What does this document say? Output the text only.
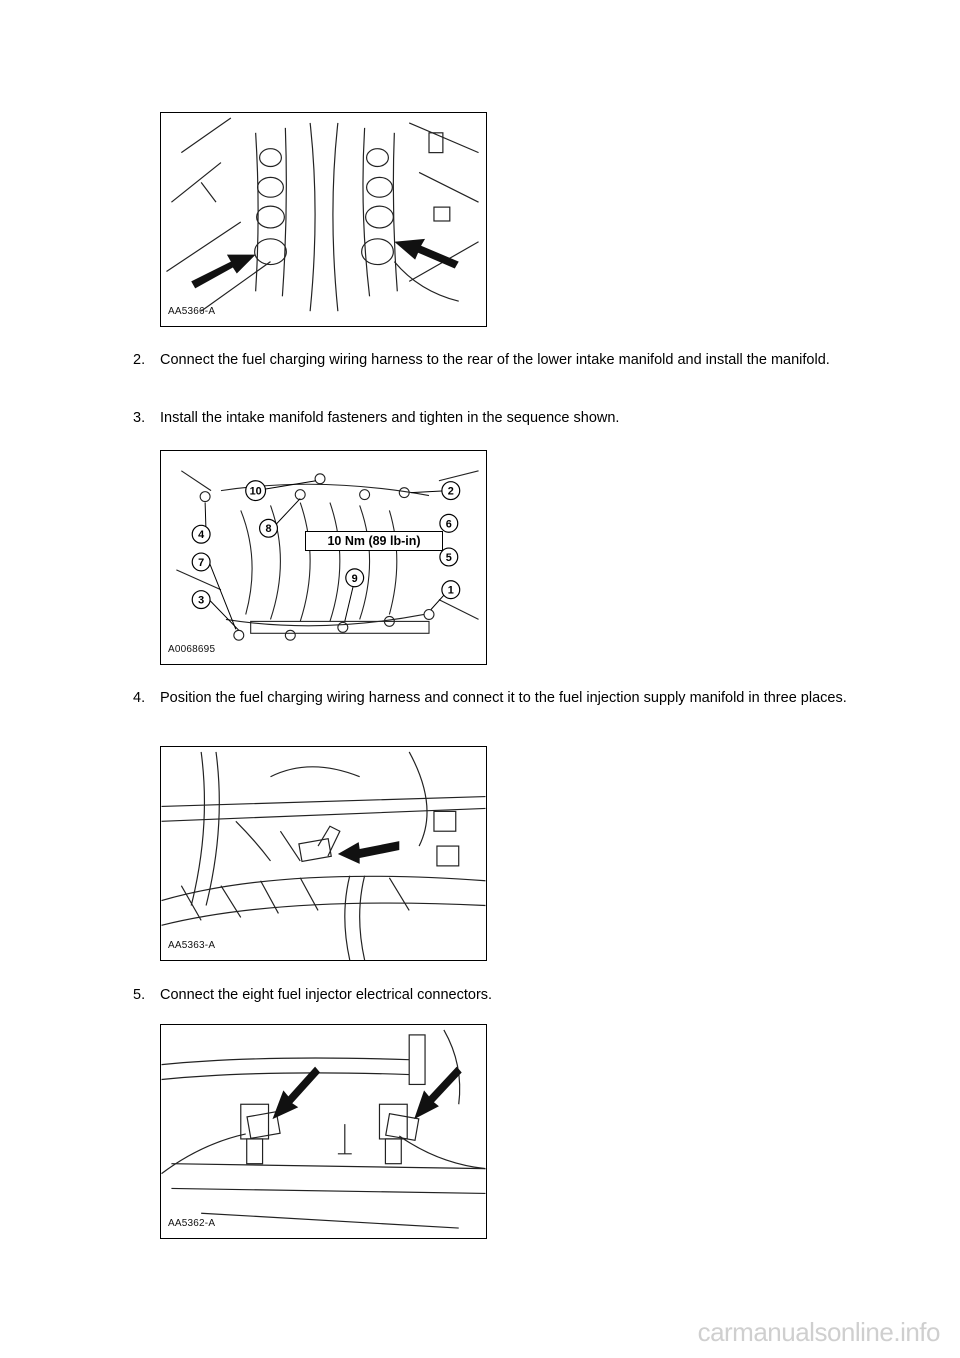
AA5366-A
2. Connect the fuel charging wiring harness to the rear of the lower intake manifold and install the manifold.
3. Install the intake manifold fasteners and tighten in the sequence shown.
1
2
3
4
5
6
7
8
9
10
10 Nm (89 lb-in)
A0068695
4. Position the fuel charging wiring harness and connect it to the fuel injection supply manifold in three places.
AA5363-A
5. Connect the eight fuel injector electrical connectors.
AA5362-A
carmanualsonline.info
